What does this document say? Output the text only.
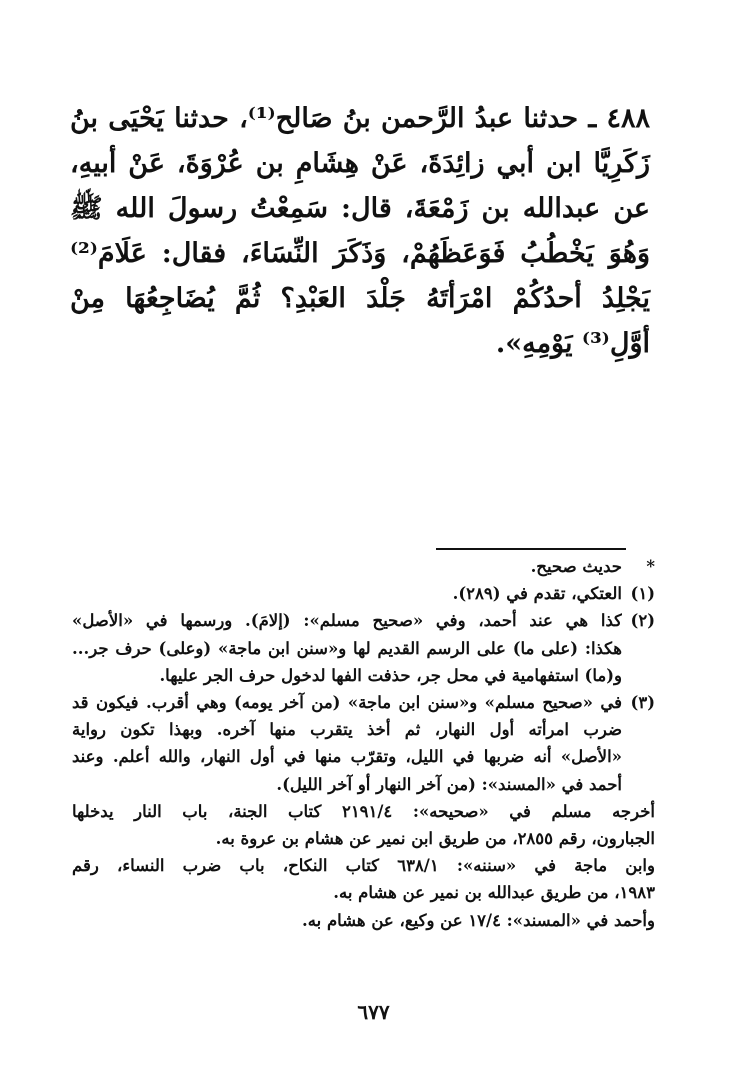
٤٨٨ ـ حدثنا عبدُ الرَّحمن بنُ صَالح⁽¹⁾، حدثنا يَحْيَى بنُ زَكَرِيَّا ابن أبي زائِدَةَ، عَنْ هِشَامِ بن عُرْوَةَ، عَنْ أبيهِ، عن عبدالله بن زَمْعَةَ، قال: سَمِعْتُ رسولَ الله ﷺ وَهُوَ يَخْطُبُ فَوَعَظَهُمْ، وَذَكَرَ النِّسَاءَ، فقال: عَلَامَ⁽²⁾ يَجْلِدُ أحدُكُمْ امْرَأتَهُ جَلْدَ العَبْدِ؟ ثُمَّ يُضَاجِعُهَا مِنْ أوَّلِ⁽³⁾ يَوْمِهِ».

*
حديث صحيح.
(١)
العتكي، تقدم في (٢٨٩).
(٢)
كذا هي عند أحمد، وفي «صحيح مسلم»: (إلامَ). ورسمها في «الأصل»
هكذا: (على ما) على الرسم القديم لها و«سنن ابن ماجة» (وعلى) حرف جر...
و(ما) استفهامية في محل جر، حذفت الفها لدخول حرف الجر عليها.
(٣)
في «صحيح مسلم» و«سنن ابن ماجة» (من آخر يومه) وهي أقرب. فيكون قد
ضرب امرأته أول النهار، ثم أخذ يتقرب منها آخره. وبهذا تكون رواية
«الأصل» أنه ضربها في الليل، وتقرّب منها في أول النهار، والله أعلم. وعند
أحمد في «المسند»: (من آخر النهار أو آخر الليل).
أخرجه مسلم في «صحيحه»: ٢١٩١/٤ كتاب الجنة، باب النار يدخلها
الجبارون، رقم ٢٨٥٥، من طريق ابن نمير عن هشام بن عروة به.
وابن ماجة في «سننه»: ٦٣٨/١ كتاب النكاح، باب ضرب النساء، رقم
١٩٨٣، من طريق عبدالله بن نمير عن هشام به.
وأحمد في «المسند»: ١٧/٤ عن وكيع، عن هشام به.
٦٧٧
